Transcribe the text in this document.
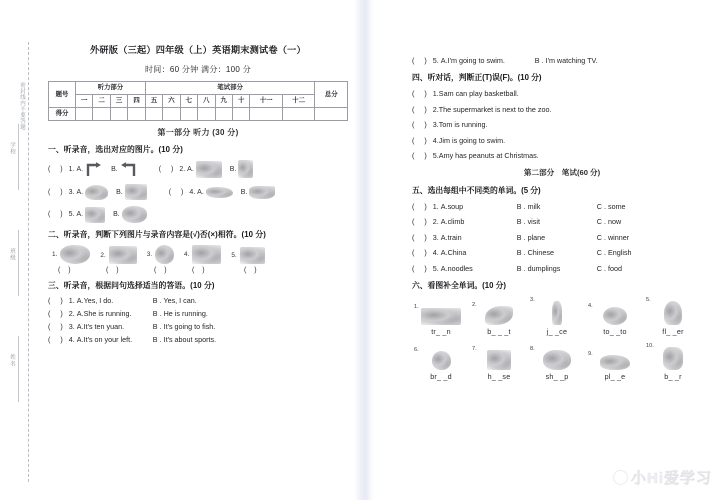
学校
班级
姓名
密封线内不要答题
外研版（三起）四年级（上）英语期末测试卷（一）
时间：60 分钟 满分：100 分
题号	听力部分				笔试部分								总分
	一	二	三	四	五	六	七	八	九	十	十一	十二	
得分													
第一部分 听力 (30 分)
一、听录音，选出对应的图片。(10 分)
( ) 1. A.	B.	( ) 2. A.	B.
( ) 3. A.	B.	( ) 4. A.	B.
( ) 5. A.	B.
二、听录音，判断下列图片与录音内容是(√)否(×)相符。(10 分)
1.	2.	3.	4.	5.
( )	( )	( )	( )	( )
三、听录音，根据问句选择适当的答语。(10 分)
( ) 1. A.Yes, I do.	B . Yes, I can.
( ) 2. A.She is running.	B . He is running.
( ) 3. A.It's ten yuan.	B . It's going to fish.
( ) 4. A.It's on your left.	B . It's about sports.
( ) 5. A.I'm going to swim.	B . I'm watching TV.
四、听对话，判断正(T)误(F)。(10 分)
( ) 1.Sam can play basketball.
( ) 2.The supermarket is next to the zoo.
( ) 3.Tom is running.
( ) 4.Jim is going to swim.
( ) 5.Amy has peanuts at Christmas.
第二部分　笔试(60 分)
五、选出每组中不同类的单词。(5 分)
( ) 1. A.soup	B . milk	C . some
( ) 2. A.climb	B . visit	C . now
( ) 3. A.train	B . plane	C . winner
( ) 4. A.China	B . Chinese	C . English
( ) 5. A.noodles	B . dumplings	C . food
六、看图补全单词。(10 分)
1.
tr_ _n
2.
b_ _ _t
3.
j_ _ce
4.
to_ _to
5.
fl_ _er
6.
br_ _d
7.
h_ _se
8.
sh_ _p
9.
pl_ _e
10.
b_ _r
小Hi爱学习
